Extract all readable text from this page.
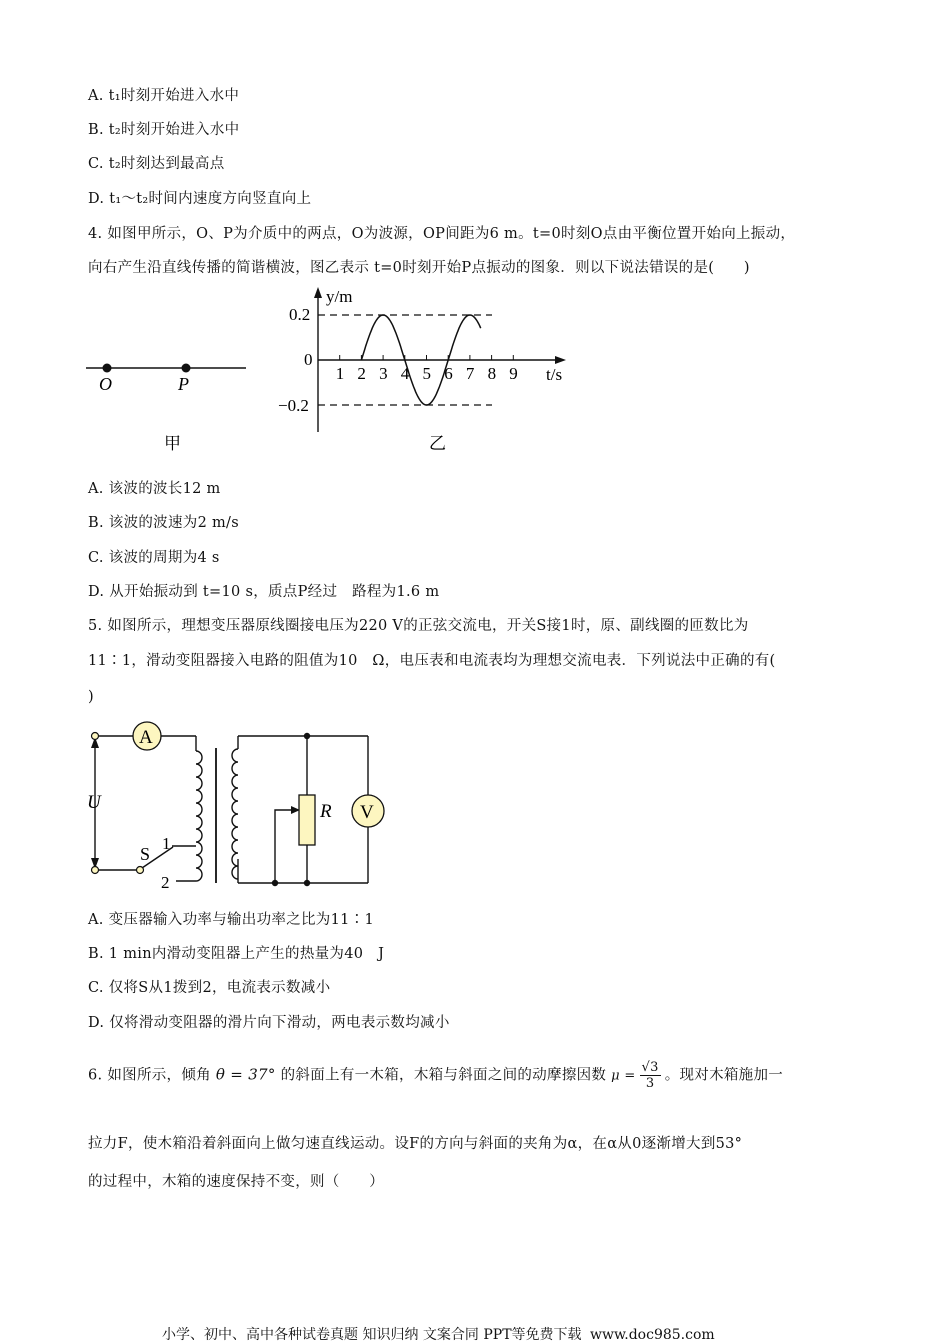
A. t₁时刻开始进入水中
B. t₂时刻开始进入水中
C. t₂时刻达到最高点
D. t₁～t₂时间内速度方向竖直向上
4. 如图甲所示，O、P为介质中的两点，O为波源，OP间距为6 m。t=0时刻O点由平衡位置开始向上振动，
向右产生沿直线传播的简谐横波，图乙表示 t=0时刻开始P点振动的图象．则以下说法错误的是(　　)
O	P
甲
y/m
t/s
0.2
0
−0.2
1 2 3 4 5 6 7 8 9
乙
A. 该波的波长12 m
B. 该波的波速为2 m/s
C. 该波的周期为4 s
D. 从开始振动到 t=10 s，质点P经过　路程为1.6 m
5. 如图所示，理想变压器原线圈接电压为220 V的正弦交流电，开关S接1时，原、副线圈的匝数比为
11∶1，滑动变阻器接入电路的阻值为10　Ω，电压表和电流表均为理想交流电表．下列说法中正确的有(
)
A
V
R
U
S
1
2
A. 变压器输入功率与输出功率之比为11∶1
B. 1 min内滑动变阻器上产生的热量为40　J
C. 仅将S从1拨到2，电流表示数减小
D. 仅将滑动变阻器的滑片向下滑动，两电表示数均减小
6. 如图所示，倾角 θ = 37° 的斜面上有一木箱，木箱与斜面之间的动摩擦因数 $\mu = \frac{√3}{3}$ 。现对木箱施加一
拉力F，使木箱沿着斜面向上做匀速直线运动。设F的方向与斜面的夹角为α，在α从0逐渐增大到53°
的过程中，木箱的速度保持不变，则（　　）
小学、初中、高中各种试卷真题 知识归纳 文案合同 PPT等免费下载 www.doc985.com
